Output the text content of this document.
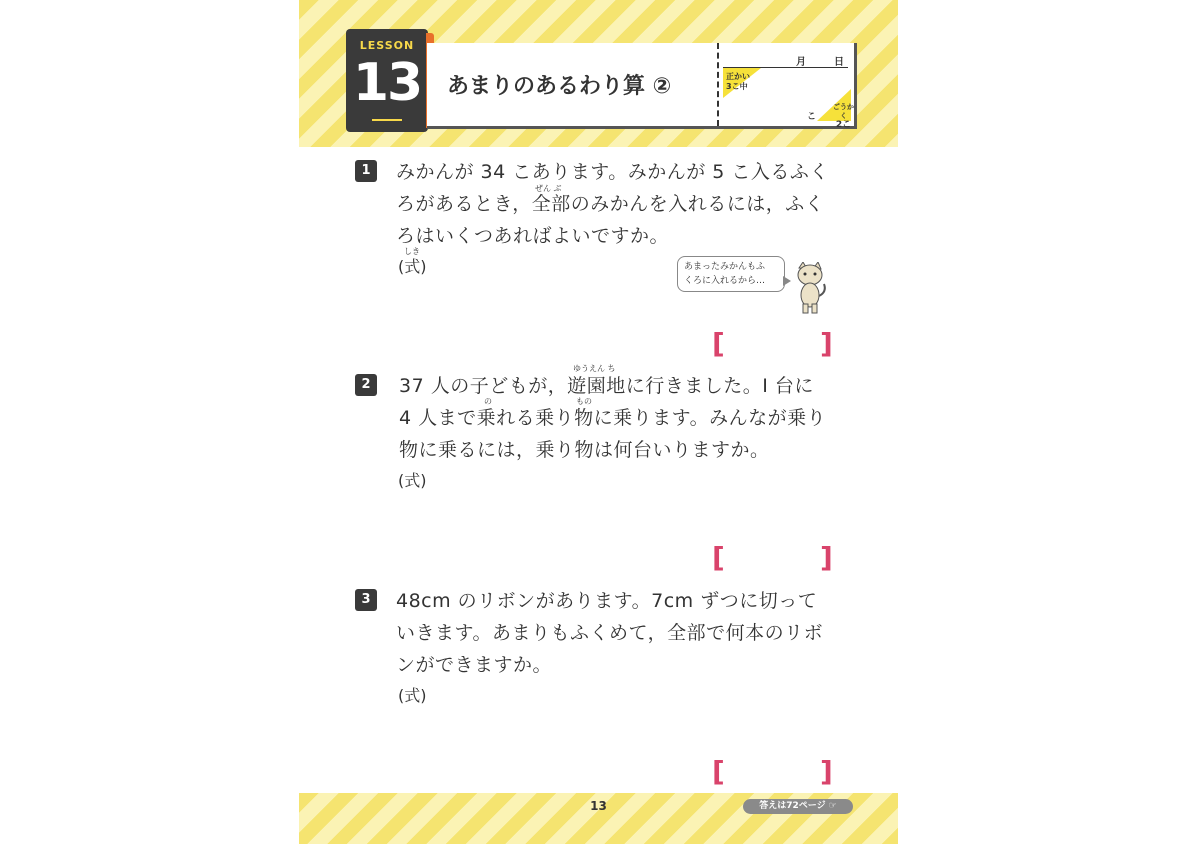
LESSON
13	あまりのあるわり算 ②
月	日
正かい
3こ中
こ
ごうかく
2こ
1
ぜん ぶ
みかんが 34 こあります。みかんが 5 こ入るふく
ろがあるとき，全部のみかんを入れるには，ふく
ろはいくつあればよいですか。
しき
(式)	あまったみかんもふ
くろに入れるから…
[	]
2
ゆうえん ち
37 人の子どもが，遊園地に行きました。Ⅰ 台に
の	もの
4 人まで乗れる乗り物に乗ります。みんなが乗り
物に乗るには，乗り物は何台いりますか。
(式)
[	]
3	48cm のリボンがあります。7cm ずつに切って
いきます。あまりもふくめて，全部で何本のリボ
ンができますか。
(式)
[	]
13	答えは72ページ ☞
